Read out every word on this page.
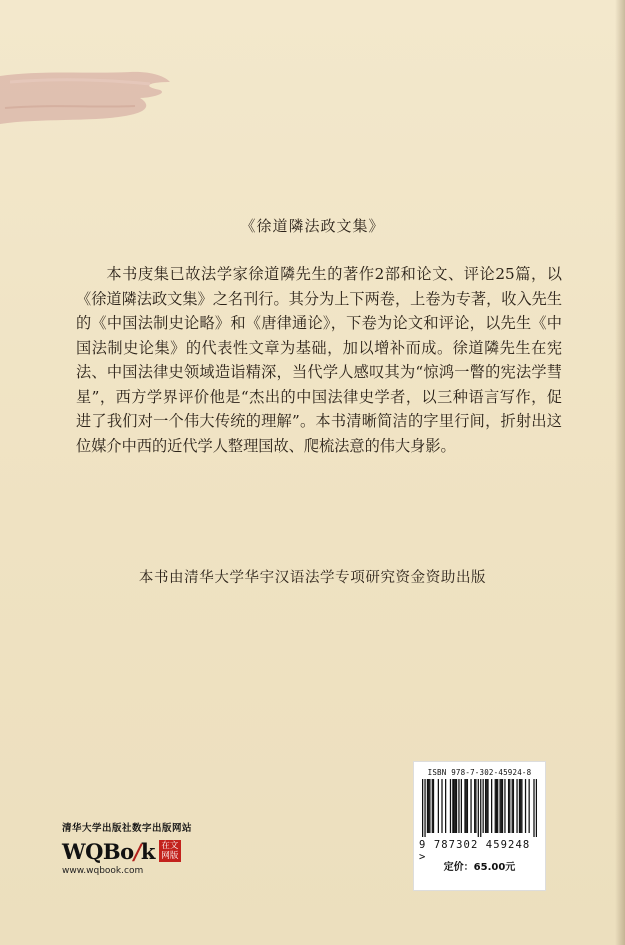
《徐道隣法政文集》
本书庋集已故法学家徐道隣先生的著作2部和论文、评论25篇，以《徐道隣法政文集》之名刊行。其分为上下两卷，上卷为专著，收入先生的《中国法制史论略》和《唐律通论》，下卷为论文和评论，以先生《中国法制史论集》的代表性文章为基础，加以增补而成。徐道隣先生在宪法、中国法律史领域造诣精深，当代学人感叹其为“惊鸿一瞥的宪法学彗星”，西方学界评价他是“杰出的中国法律史学者，以三种语言写作，促进了我们对一个伟大传统的理解”。本书清晰简洁的字里行间，折射出这位媒介中西的近代学人整理国故、爬梳法意的伟大身影。
本书由清华大学华宇汉语法学专项研究资金资助出版
清华大学出版社数字出版网站
WQBo/k 在文
网版
www.wqbook.com
ISBN 978-7-302-45924-8
9 787302 459248 >
定价：65.00元
